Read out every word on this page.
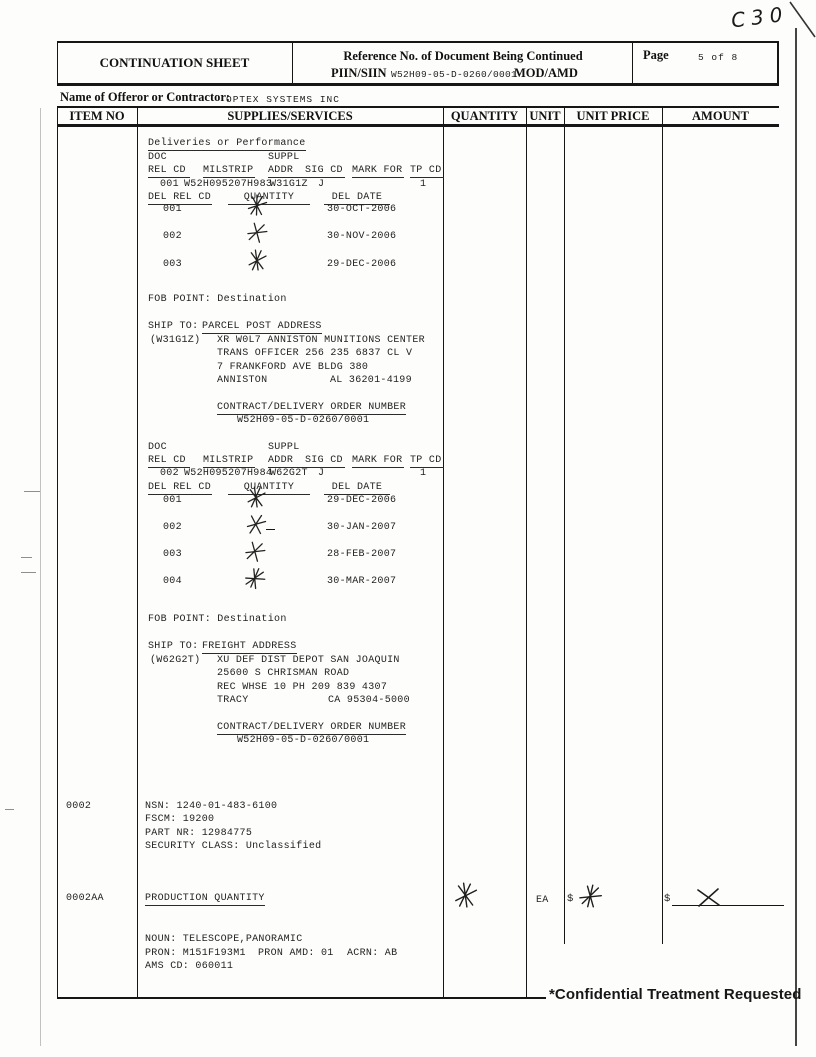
C30
CONTINUATION SHEET	Reference No. of Document Being Continued
PIIN/SIIN W52H09-05-D-0260/0001
MOD/AMD
Page	5 of 8
Name of Offeror or Contractor:
OPTEX SYSTEMS INC
ITEM NO	SUPPLIES/SERVICES	QUANTITY UNIT	UNIT PRICE	AMOUNT
Deliveries or Performance
DOC	SUPPL
REL CD	MILSTRIP ADDR	SIG CD MARK FOR TP CD
001 W52H095207H983
W31G1Z J	1
DEL REL CD	QUANTITY	DEL DATE
001	30-OCT-2006
002	30-NOV-2006
003	29-DEC-2006
FOB POINT: Destination
SHIP TO: PARCEL POST ADDRESS
(W31G1Z) XR W0L7 ANNISTON MUNITIONS CENTER
TRANS OFFICER 256 235 6837 CL V
7 FRANKFORD AVE BLDG 380
ANNISTON	AL 36201-4199
CONTRACT/DELIVERY ORDER NUMBER
W52H09-05-D-0260/0001
DOC	SUPPL
REL CD	MILSTRIP ADDR	SIG CD MARK FOR TP CD
002 W52H095207H984
W62G2T J	1
DEL REL CD	QUANTITY	DEL DATE
001	29-DEC-2006
002	30-JAN-2007
003	28-FEB-2007
004	30-MAR-2007
FOB POINT: Destination
SHIP TO: FREIGHT ADDRESS
(W62G2T) XU DEF DIST DEPOT SAN JOAQUIN
25600 S CHRISMAN ROAD
REC WHSE 10 PH 209 839 4307
TRACY	CA 95304-5000
CONTRACT/DELIVERY ORDER NUMBER
W52H09-05-D-0260/0001
0002	NSN: 1240-01-483-6100
FSCM: 19200
PART NR: 12984775
SECURITY CLASS: Unclassified
0002AA	PRODUCTION QUANTITY	EA $	$
NOUN: TELESCOPE,PANORAMIC
PRON: M151F193M1 PRON AMD: 01 ACRN: AB
AMS CD: 060011
*Confidential Treatment Requested
